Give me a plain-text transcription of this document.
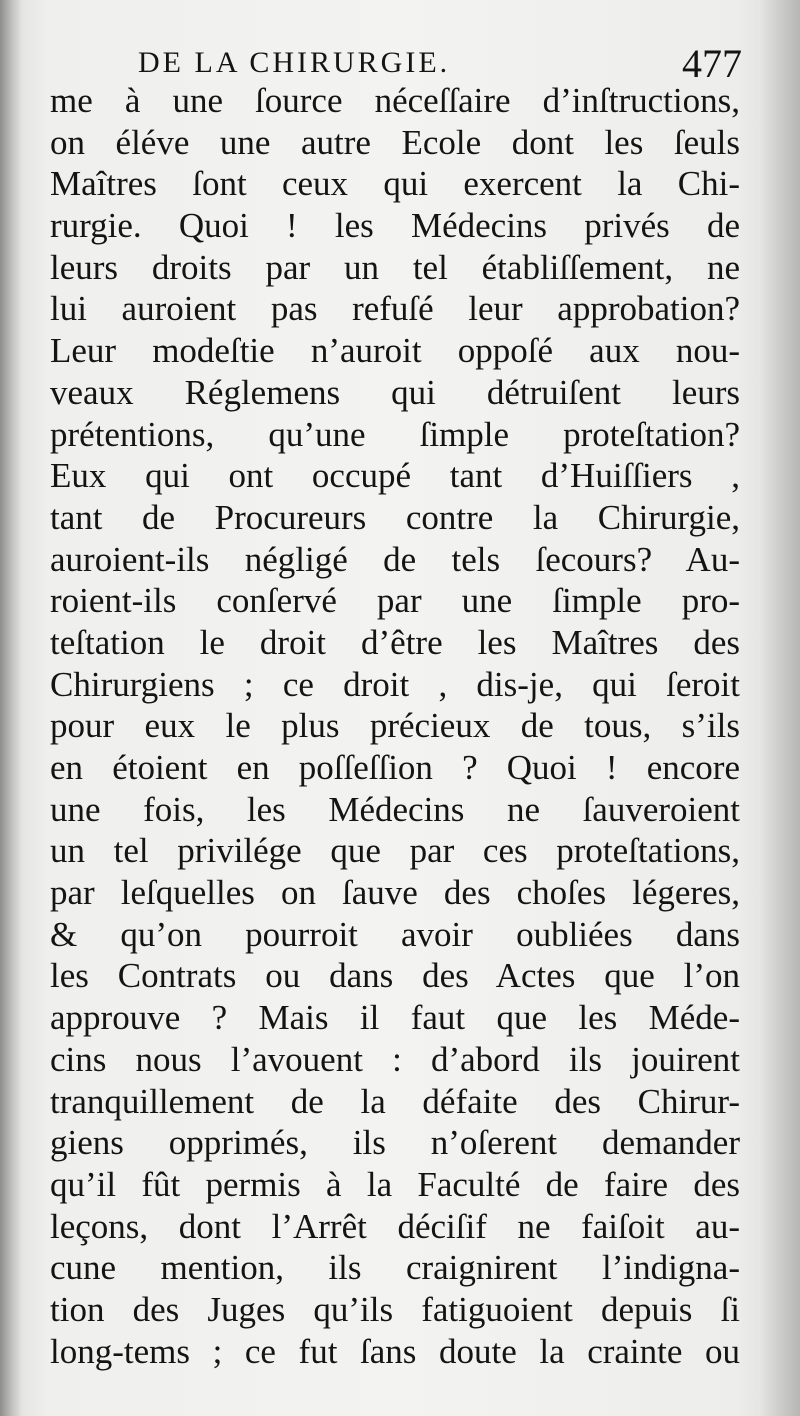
DE LA CHIRURGIE.	477
me à une ſource néceſſaire d’inſtructions,
on éléve une autre Ecole dont les ſeuls
Maîtres ſont ceux qui exercent la Chi-
rurgie. Quoi ! les Médecins privés de
leurs droits par un tel établiſſement, ne
lui auroient pas refuſé leur approbation?
Leur modeſtie n’auroit oppoſé aux nou-
veaux Réglemens qui détruiſent leurs
prétentions, qu’une ſimple proteſtation?
Eux qui ont occupé tant d’Huiſſiers ,
tant de Procureurs contre la Chirurgie,
auroient-ils négligé de tels ſecours? Au-
roient-ils conſervé par une ſimple pro-
teſtation le droit d’être les Maîtres des
Chirurgiens ; ce droit , dis-je, qui ſeroit
pour eux le plus précieux de tous, s’ils
en étoient en poſſeſſion ? Quoi ! encore
une fois, les Médecins ne ſauveroient
un tel privilége que par ces proteſtations,
par leſquelles on ſauve des choſes légeres,
& qu’on pourroit avoir oubliées dans
les Contrats ou dans des Actes que l’on
approuve ? Mais il faut que les Méde-
cins nous l’avouent : d’abord ils jouirent
tranquillement de la défaite des Chirur-
giens opprimés, ils n’oſerent demander
qu’il fût permis à la Faculté de faire des
leçons, dont l’Arrêt déciſif ne faiſoit au-
cune mention, ils craignirent l’indigna-
tion des Juges qu’ils fatiguoient depuis ſi
long-tems ; ce fut ſans doute la crainte ou
